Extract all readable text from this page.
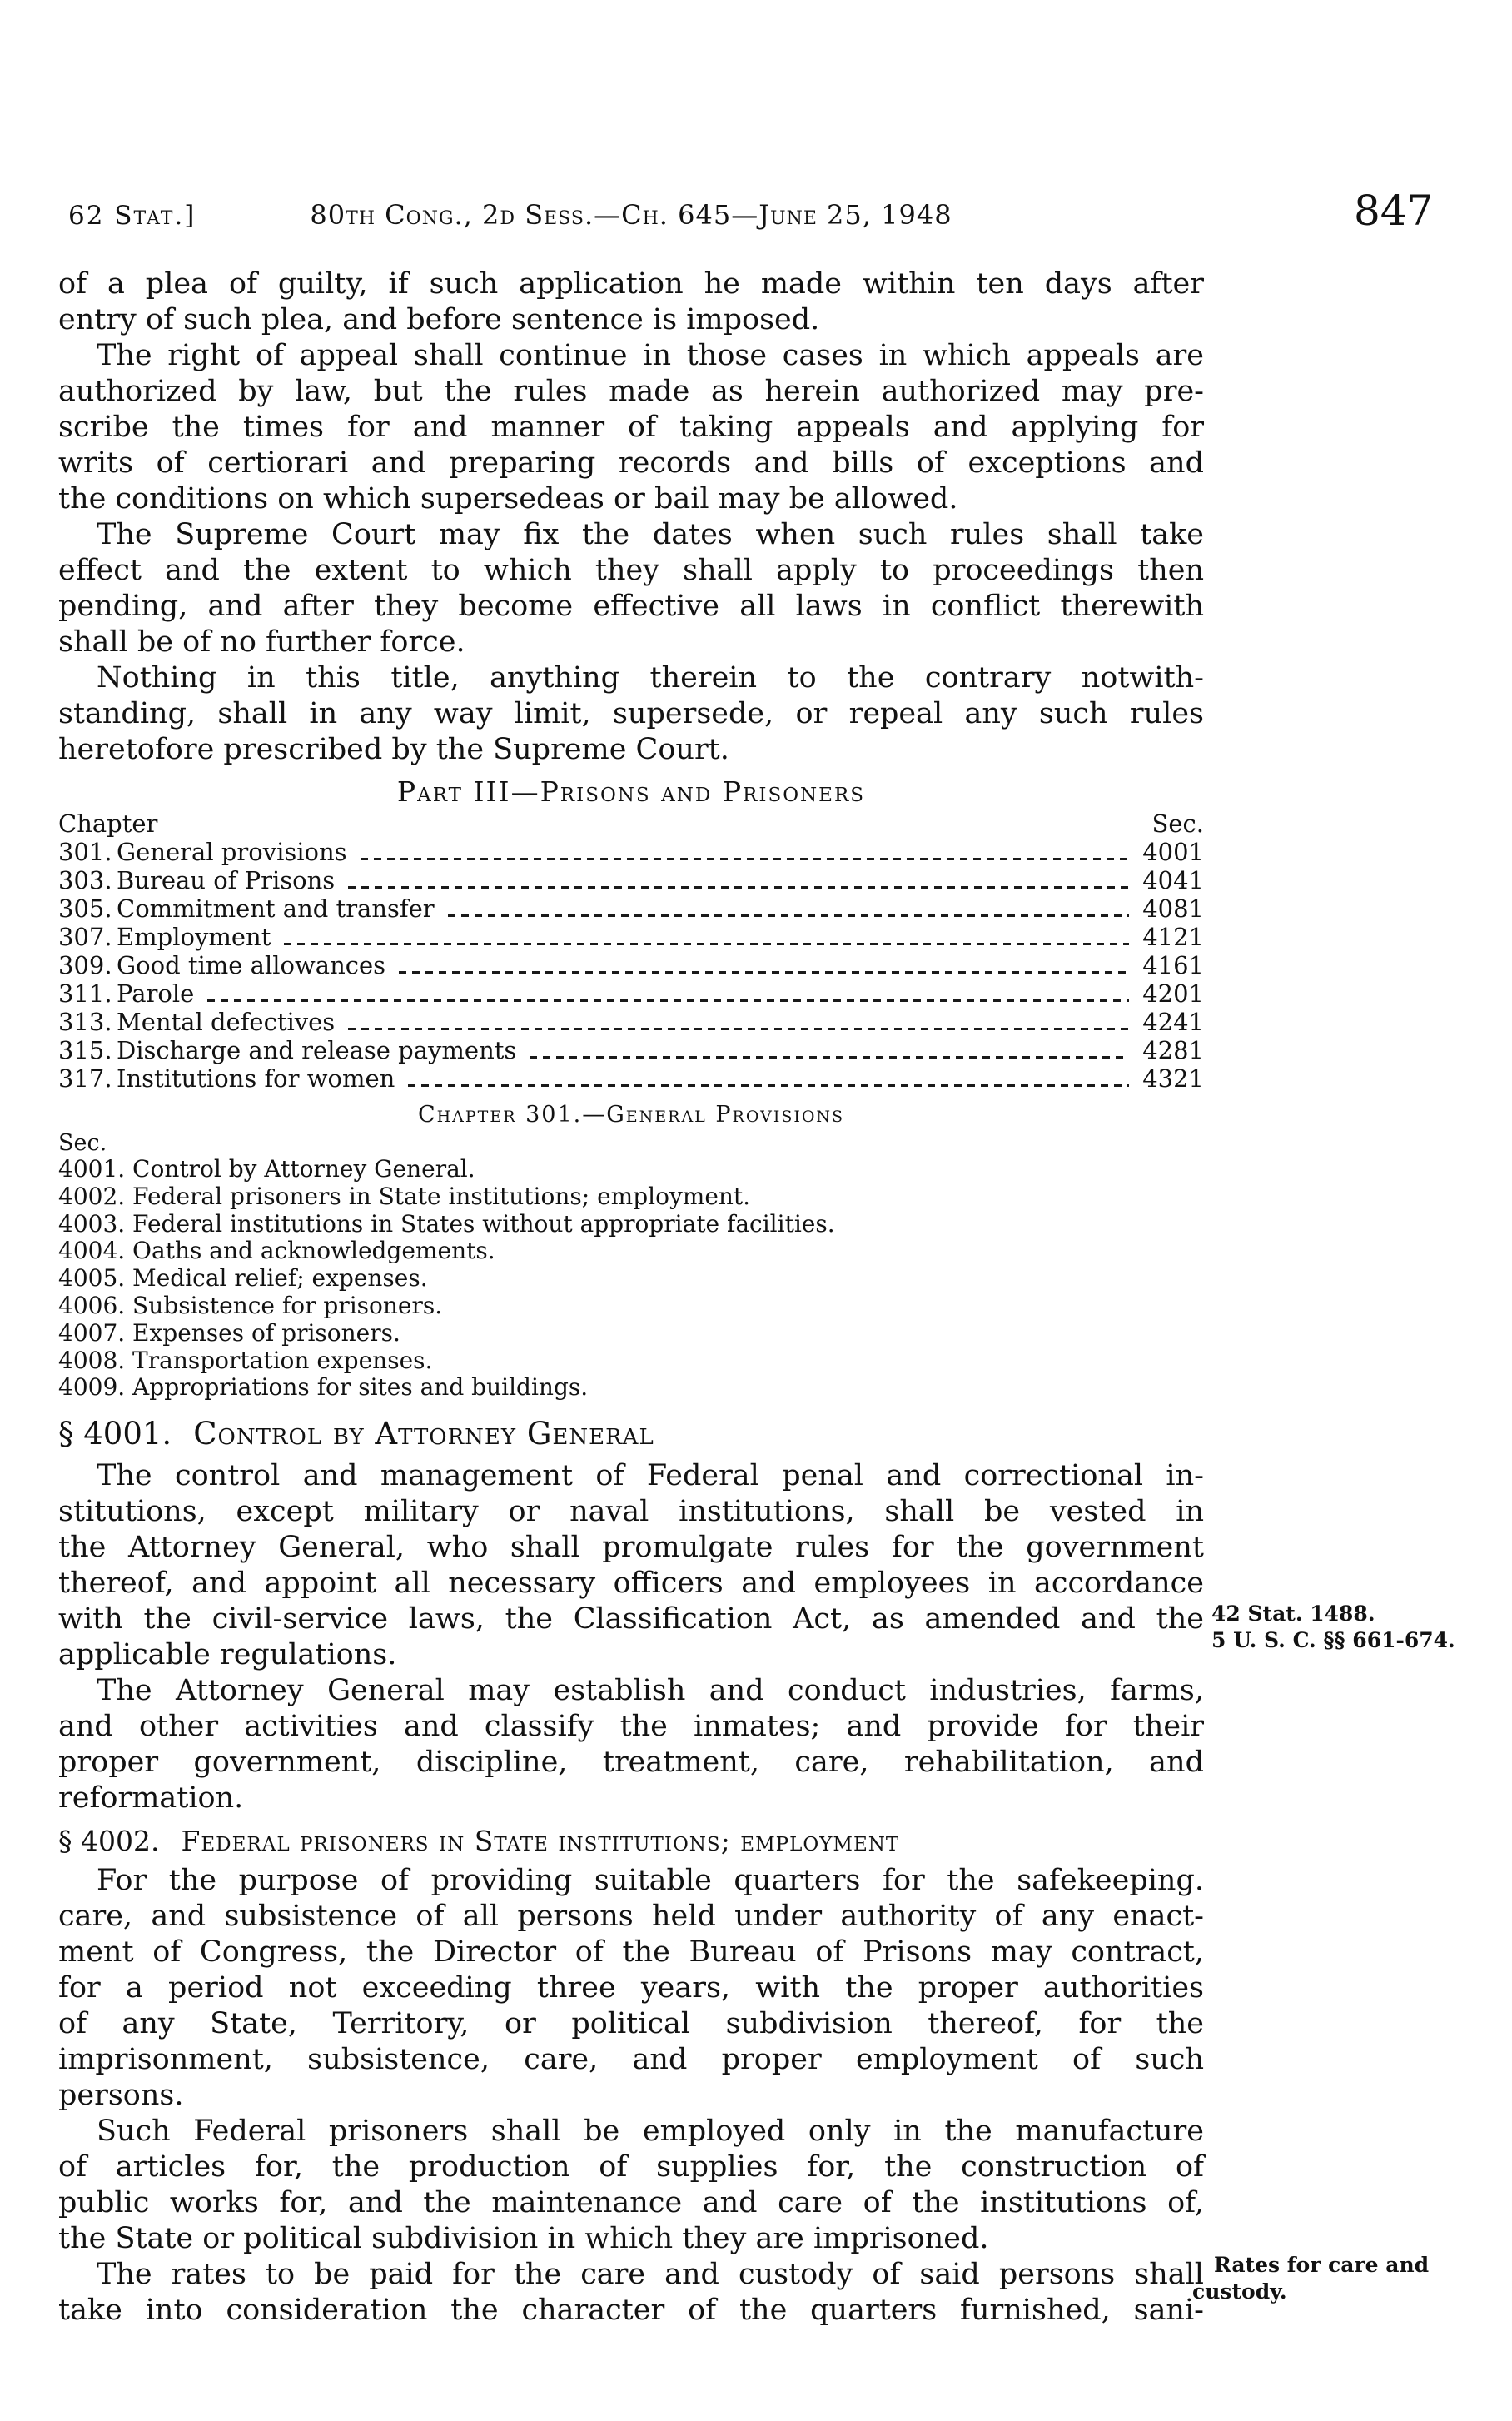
62 Stat.]	80th Cong., 2d Sess.—Ch. 645—June 25, 1948	847
of a plea of guilty, if such application he made within ten days after
entry of such plea, and before sentence is imposed.
The right of appeal shall continue in those cases in which appeals are
authorized by law, but the rules made as herein authorized may pre-
scribe the times for and manner of taking appeals and applying for
writs of certiorari and preparing records and bills of exceptions and
the conditions on which supersedeas or bail may be allowed.
The Supreme Court may fix the dates when such rules shall take
effect and the extent to which they shall apply to proceedings then
pending, and after they become effective all laws in conflict therewith
shall be of no further force.
Nothing in this title, anything therein to the contrary notwith-
standing, shall in any way limit, supersede, or repeal any such rules
heretofore prescribed by the Supreme Court.
Part III—Prisons and Prisoners
Chapter	Sec.
301. General provisions	4001
303. Bureau of Prisons	4041
305. Commitment and transfer	4081
307. Employment	4121
309. Good time allowances	4161
311. Parole	4201
313. Mental defectives	4241
315. Discharge and release payments	4281
317. Institutions for women	4321
Chapter 301.—General Provisions
Sec.
4001. Control by Attorney General.
4002. Federal prisoners in State institutions; employment.
4003. Federal institutions in States without appropriate facilities.
4004. Oaths and acknowledgements.
4005. Medical relief; expenses.
4006. Subsistence for prisoners.
4007. Expenses of prisoners.
4008. Transportation expenses.
4009. Appropriations for sites and buildings.
§ 4001. Control by Attorney General
The control and management of Federal penal and correctional in-
stitutions, except military or naval institutions, shall be vested in
the Attorney General, who shall promulgate rules for the government
thereof, and appoint all necessary officers and employees in accordance
with the civil-service laws, the Classification Act, as amended and the
applicable regulations.
The Attorney General may establish and conduct industries, farms,
and other activities and classify the inmates; and provide for their
proper government, discipline, treatment, care, rehabilitation, and
reformation.
§ 4002. Federal prisoners in State institutions; employment
For the purpose of providing suitable quarters for the safekeeping.
care, and subsistence of all persons held under authority of any enact-
ment of Congress, the Director of the Bureau of Prisons may contract,
for a period not exceeding three years, with the proper authorities
of any State, Territory, or political subdivision thereof, for the
imprisonment, subsistence, care, and proper employment of such
persons.
Such Federal prisoners shall be employed only in the manufacture
of articles for, the production of supplies for, the construction of
public works for, and the maintenance and care of the institutions of,
the State or political subdivision in which they are imprisoned.
The rates to be paid for the care and custody of said persons shall
take into consideration the character of the quarters furnished, sani-
42 Stat. 1488.
5 U. S. C. §§ 661-674.
Rates for care and
custody.
